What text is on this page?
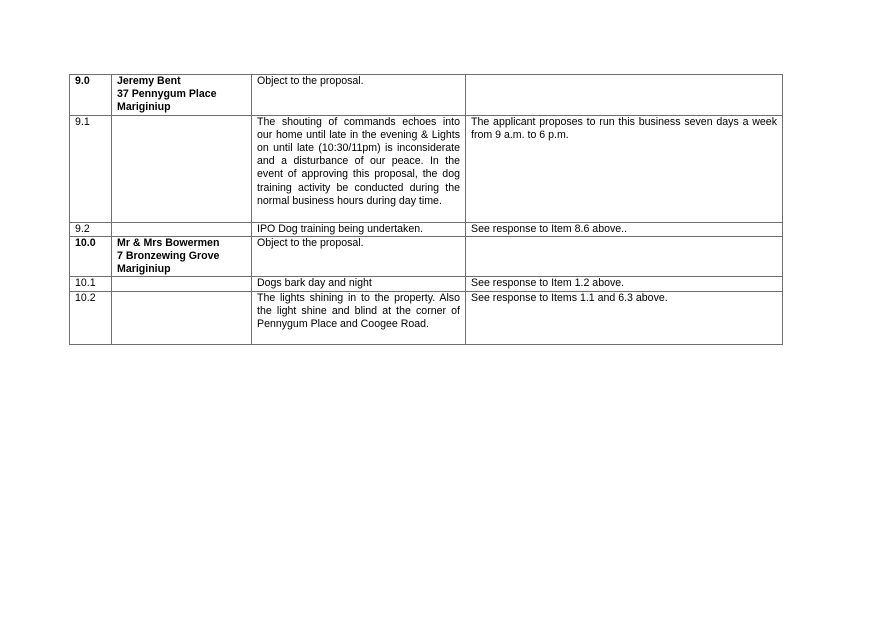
9.0	Jeremy Bent
37 Pennygum Place
Mariginiup	Object to the proposal.	
9.1		The shouting of commands echoes into our home until late in the evening & Lights on until late (10:30/11pm) is inconsiderate and a disturbance of our peace. In the event of approving this proposal, the dog training activity be conducted during the normal business hours during day time.	The applicant proposes to run this business seven days a week from 9 a.m. to 6 p.m.
9.2		IPO Dog training being undertaken.	See response to Item 8.6 above..
10.0	Mr & Mrs Bowermen
7 Bronzewing Grove
Mariginiup	Object to the proposal.	
10.1		Dogs bark day and night	See response to Item 1.2 above.
10.2		The lights shining in to the property. Also the light shine and blind at the corner of Pennygum Place and Coogee Road.	See response to Items 1.1 and 6.3 above.
